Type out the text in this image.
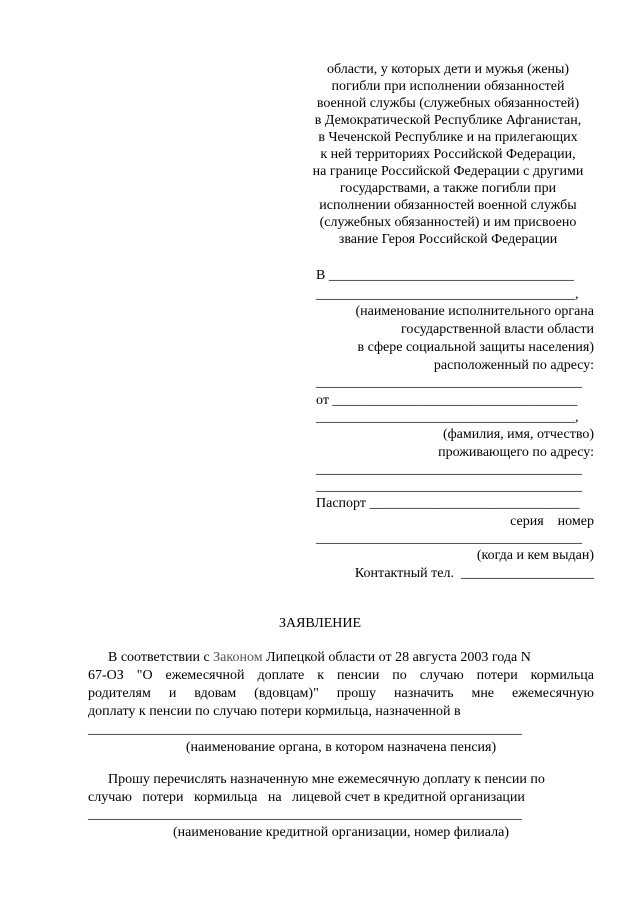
области, у которых дети и мужья (жены)
погибли при исполнении обязанностей
военной службы (служебных обязанностей)
в Демократической Республике Афганистан,
в Чеченской Республике и на прилегающих
к ней территориях Российской Федерации,
на границе Российской Федерации с другими
государствами, а также погибли при
исполнении обязанностей военной службы
(служебных обязанностей) и им присвоено
звание Героя Российской Федерации
В ___________________________________
_____________________________________,
(наименование исполнительного органа
государственной власти области
в сфере социальной защиты населения)
расположенный по адресу:
______________________________________
от ___________________________________
_____________________________________,
(фамилия, имя, отчество)
проживающего по адресу:
______________________________________
______________________________________
Паспорт ______________________________
серия    номер
______________________________________
(когда и кем выдан)
Контактный тел.  ___________________
ЗАЯВЛЕНИЕ
В соответствии с Законом Липецкой области от 28 августа 2003 года N
67-ОЗ "О ежемесячной доплате к пенсии по случаю потери кормильца
родителям и вдовам (вдовцам)" прошу назначить мне ежемесячную
доплату к пенсии по случаю потери кормильца, назначенной в
______________________________________________________________
(наименование органа, в котором назначена пенсия)
Прошу перечислять назначенную мне ежемесячную доплату к пенсии по
случаю   потери   кормильца   на   лицевой счет в кредитной организации
______________________________________________________________
(наименование кредитной организации, номер филиала)
